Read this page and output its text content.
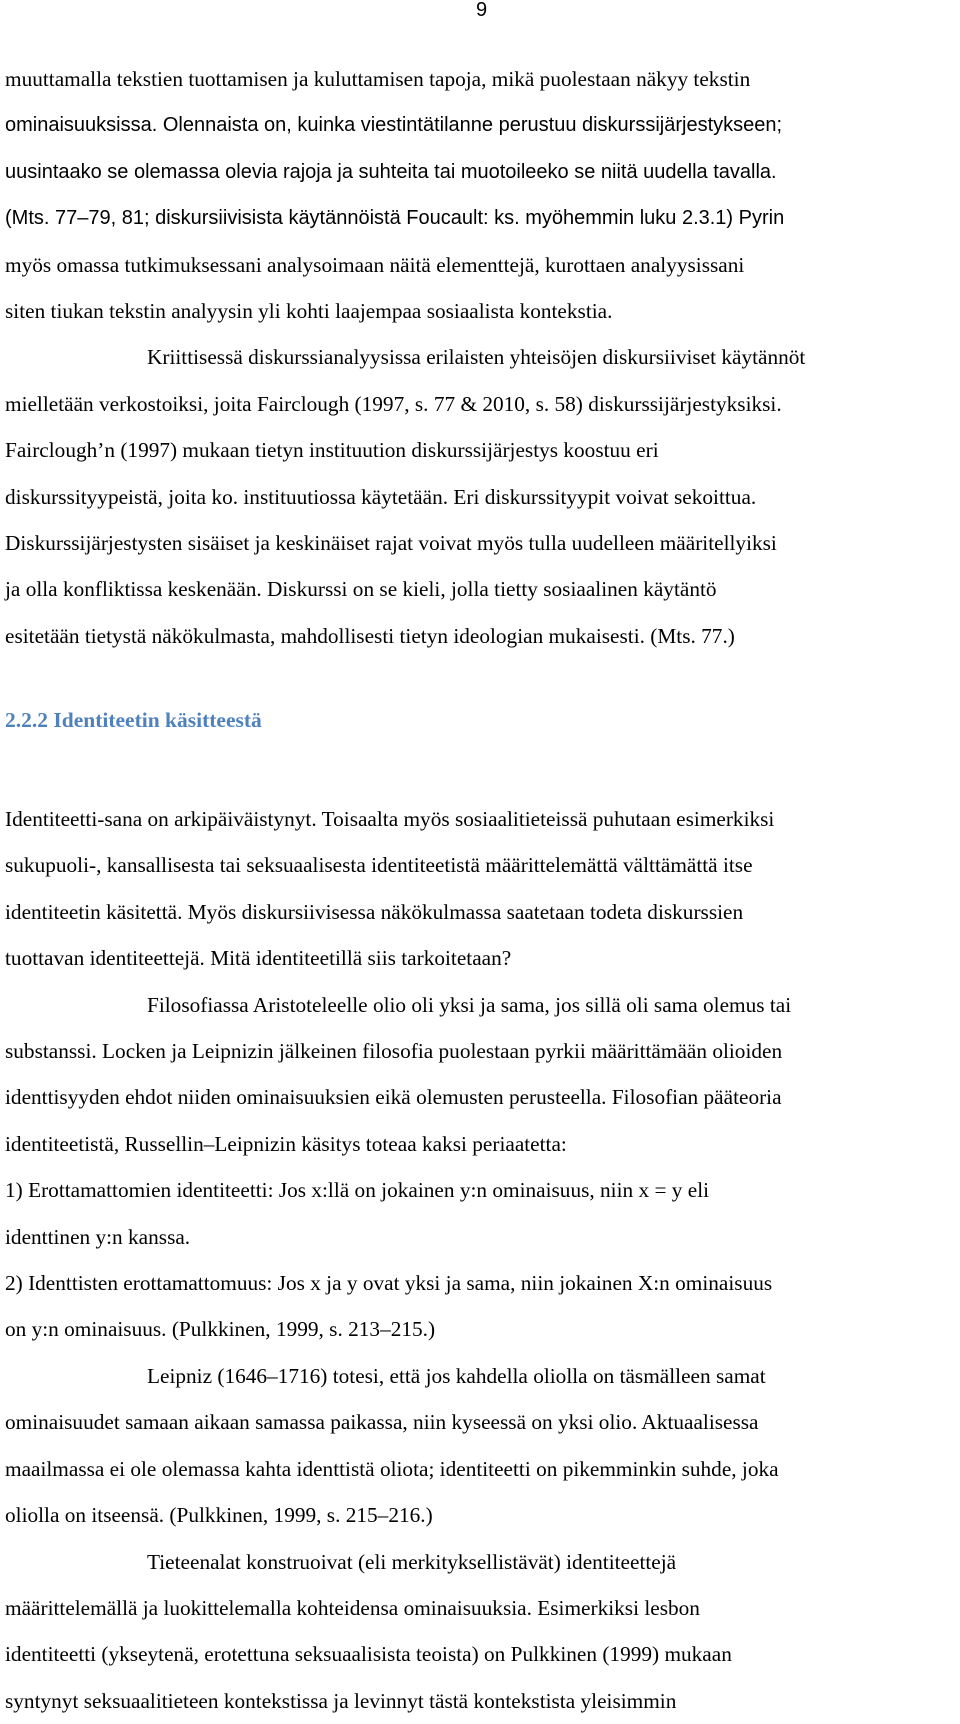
9
muuttamalla tekstien tuottamisen ja kuluttamisen tapoja, mikä puolestaan näkyy tekstin
ominaisuuksissa. Olennaista on, kuinka viestintätilanne perustuu diskurssijärjestykseen;
uusintaako se olemassa olevia rajoja ja suhteita tai muotoileeko se niitä uudella tavalla.
(Mts. 77–79, 81; diskursiivisista käytännöistä Foucault: ks. myöhemmin luku 2.3.1) Pyrin
myös omassa tutkimuksessani analysoimaan näitä elementtejä, kurottaen analyysissani
siten tiukan tekstin analyysin yli kohti laajempaa sosiaalista kontekstia.
Kriittisessä diskurssianalyysissa erilaisten yhteisöjen diskursiiviset käytännöt
mielletään verkostoiksi, joita Fairclough (1997, s. 77 & 2010, s. 58) diskurssijärjestyksiksi.
Fairclough’n (1997) mukaan tietyn instituution diskurssijärjestys koostuu eri
diskurssityypeistä, joita ko. instituutiossa käytetään. Eri diskurssityypit voivat sekoittua.
Diskurssijärjestysten sisäiset ja keskinäiset rajat voivat myös tulla uudelleen määritellyiksi
ja olla konfliktissa keskenään. Diskurssi on se kieli, jolla tietty sosiaalinen käytäntö
esitetään tietystä näkökulmasta, mahdollisesti tietyn ideologian mukaisesti. (Mts. 77.)
2.2.2 Identiteetin käsitteestä
Identiteetti-sana on arkipäiväistynyt. Toisaalta myös sosiaalitieteissä puhutaan esimerkiksi
sukupuoli-, kansallisesta tai seksuaalisesta identiteetistä määrittelemättä välttämättä itse
identiteetin käsitettä. Myös diskursiivisessa näkökulmassa saatetaan todeta diskurssien
tuottavan identiteettejä. Mitä identiteetillä siis tarkoitetaan?
Filosofiassa Aristoteleelle olio oli yksi ja sama, jos sillä oli sama olemus tai
substanssi. Locken ja Leipnizin jälkeinen filosofia puolestaan pyrkii määrittämään olioiden
identtisyyden ehdot niiden ominaisuuksien eikä olemusten perusteella. Filosofian pääteoria
identiteetistä, Russellin–Leipnizin käsitys toteaa kaksi periaatetta:
1) Erottamattomien identiteetti: Jos x:llä on jokainen y:n ominaisuus, niin x = y eli
identtinen y:n kanssa.
2) Identtisten erottamattomuus: Jos x ja y ovat yksi ja sama, niin jokainen X:n ominaisuus
on y:n ominaisuus. (Pulkkinen, 1999, s. 213–215.)
Leipniz (1646–1716) totesi, että jos kahdella oliolla on täsmälleen samat
ominaisuudet samaan aikaan samassa paikassa, niin kyseessä on yksi olio. Aktuaalisessa
maailmassa ei ole olemassa kahta identtistä oliota; identiteetti on pikemminkin suhde, joka
oliolla on itseensä. (Pulkkinen, 1999, s. 215–216.)
Tieteenalat konstruoivat (eli merkityksellistävät) identiteettejä
määrittelemällä ja luokittelemalla kohteidensa ominaisuuksia. Esimerkiksi lesbon
identiteetti (ykseytenä, erotettuna seksuaalisista teoista) on Pulkkinen (1999) mukaan
syntynyt seksuaalitieteen kontekstissa ja levinnyt tästä kontekstista yleisimmin
